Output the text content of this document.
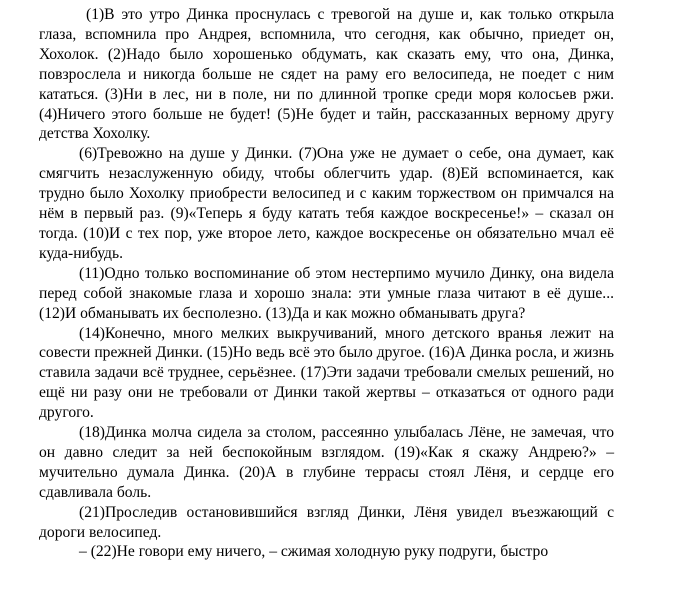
(1)В это утро Динка проснулась с тревогой на душе и, как только открыла глаза, вспомнила про Андрея, вспомнила, что сегодня, как обычно, приедет он, Хохолок. (2)Надо было хорошенько обдумать, как сказать ему, что она, Динка, повзрослела и никогда больше не сядет на раму его велосипеда, не поедет с ним кататься. (3)Ни в лес, ни в поле, ни по длинной тропке среди моря колосьев ржи. (4)Ничего этого больше не будет! (5)Не будет и тайн, рассказанных верному другу детства Хохолку.

(6)Тревожно на душе у Динки. (7)Она уже не думает о себе, она думает, как смягчить незаслуженную обиду, чтобы облегчить удар. (8)Ей вспоминается, как трудно было Хохолку приобрести велосипед и с каким торжеством он примчался на нём в первый раз. (9)«Теперь я буду катать тебя каждое воскресенье!» – сказал он тогда. (10)И с тех пор, уже второе лето, каждое воскресенье он обязательно мчал её куда-нибудь.

(11)Одно только воспоминание об этом нестерпимо мучило Динку, она видела перед собой знакомые глаза и хорошо знала: эти умные глаза читают в её душе... (12)И обманывать их бесполезно. (13)Да и как можно обманывать друга?

(14)Конечно, много мелких выкручиваний, много детского вранья лежит на совести прежней Динки. (15)Но ведь всё это было другое. (16)А Динка росла, и жизнь ставила задачи всё труднее, серьёзнее. (17)Эти задачи требовали смелых решений, но ещё ни разу они не требовали от Динки такой жертвы – отказаться от одного ради другого.

(18)Динка молча сидела за столом, рассеянно улыбалась Лёне, не замечая, что он давно следит за ней беспокойным взглядом. (19)«Как я скажу Андрею?» – мучительно думала Динка. (20)А в глубине террасы стоял Лёня, и сердце его сдавливала боль.

(21)Проследив остановившийся взгляд Динки, Лёня увидел въезжающий с дороги велосипед.

– (22)Не говори ему ничего, – сжимая холодную руку подруги, быстро
